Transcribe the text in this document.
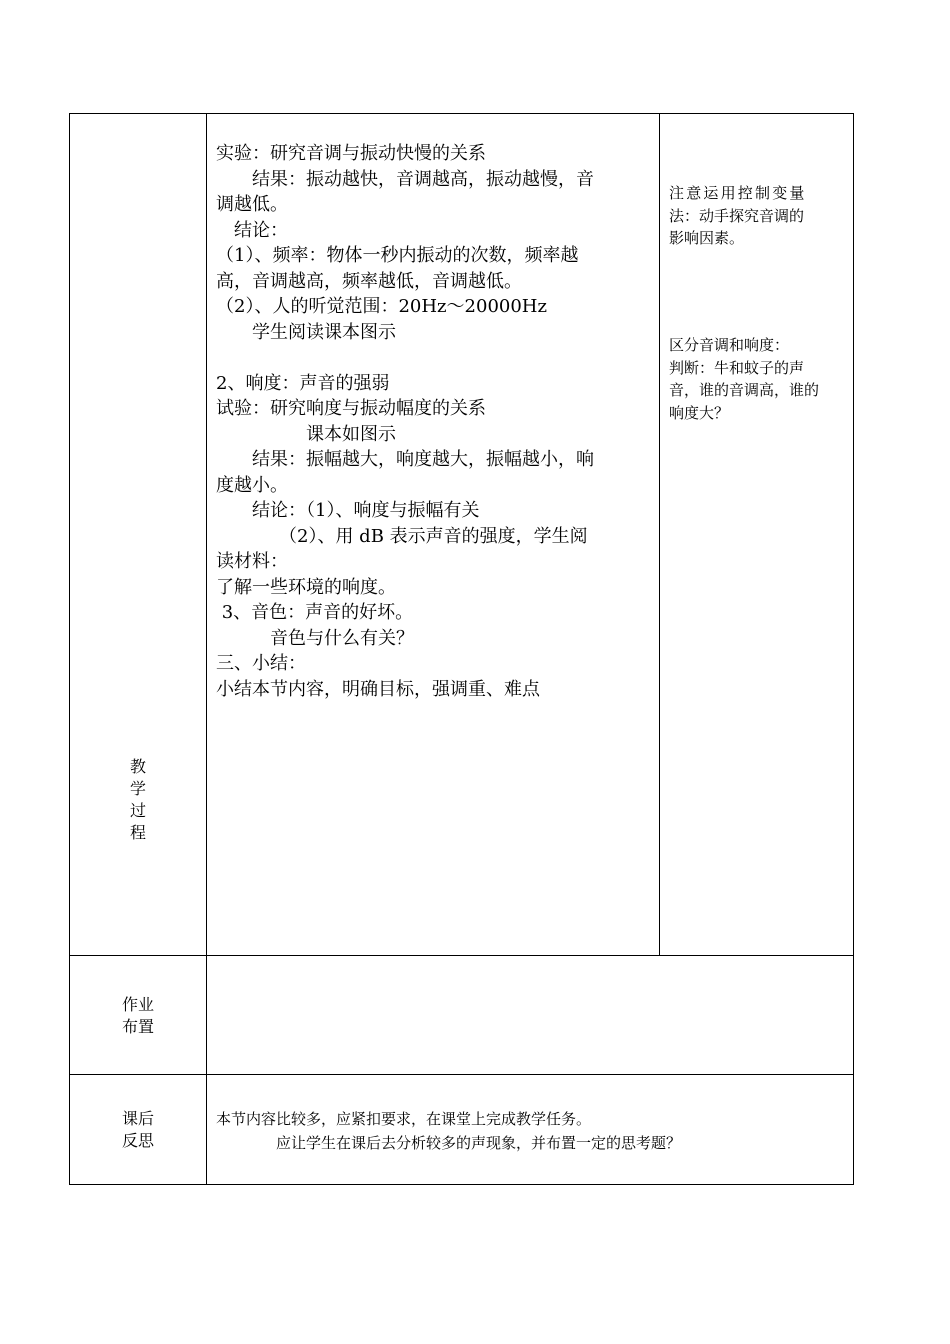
教
学
过
程
作业
布置
课后
反思
实验：研究音调与振动快慢的关系
　　结果：振动越快，音调越高，振动越慢，音
调越低。
　结论：
（1）、频率：物体一秒内振动的次数，频率越
高，音调越高，频率越低，音调越低。
（2）、人的听觉范围：20Hz～20000Hz
　　学生阅读课本图示
2、响度：声音的强弱
试验：研究响度与振动幅度的关系
　　　　　课本如图示
　　结果：振幅越大，响度越大，振幅越小，响
度越小。
　　结论：（1）、响度与振幅有关
　　　　（2）、用 dB 表示声音的强度，学生阅
读材料：
了解一些环境的响度。
3、音色：声音的好坏。
　　　音色与什么有关？
三、小结：
小结本节内容，明确目标，强调重、难点
注意运用控制变量
法：动手探究音调的
影响因素。
区分音调和响度：
判断：牛和蚊子的声
音，谁的音调高，谁的
响度大？
本节内容比较多，应紧扣要求，在课堂上完成教学任务。
　　　　应让学生在课后去分析较多的声现象，并布置一定的思考题？
